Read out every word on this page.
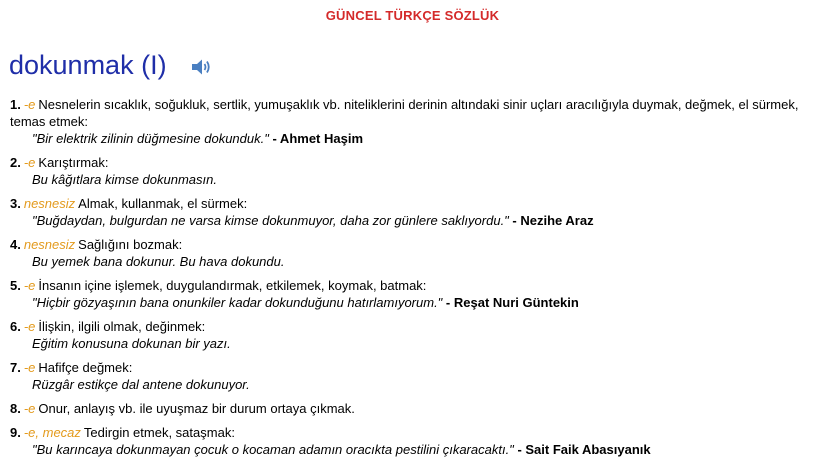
GÜNCEL TÜRKÇE SÖZLÜK
dokunmak (I)
1. -e Nesnelerin sıcaklık, soğukluk, sertlik, yumuşaklık vb. niteliklerini derinin altındaki sinir uçları aracılığıyla duymak, değmek, el sürmek, temas etmek:
"Bir elektrik zilinin düğmesine dokunduk." - Ahmet Haşim
2. -e Karıştırmak:
Bu kâğıtlara kimse dokunmasın.
3. nesnesiz Almak, kullanmak, el sürmek:
"Buğdaydan, bulgurdan ne varsa kimse dokunmuyor, daha zor günlere saklıyordu." - Nezihe Araz
4. nesnesiz Sağlığını bozmak:
Bu yemek bana dokunur. Bu hava dokundu.
5. -e İnsanın içine işlemek, duygulandırmak, etkilemek, koymak, batmak:
"Hiçbir gözyaşının bana onunkiler kadar dokunduğunu hatırlamıyorum." - Reşat Nuri Güntekin
6. -e İlişkin, ilgili olmak, değinmek:
Eğitim konusuna dokunan bir yazı.
7. -e Hafifçe değmek:
Rüzgâr estikçe dal antene dokunuyor.
8. -e Onur, anlayış vb. ile uyuşmaz bir durum ortaya çıkmak.
9. -e, mecaz Tedirgin etmek, sataşmak:
"Bu karıncaya dokunmayan çocuk o kocaman adamın oracıkta pestilini çıkaracaktı." - Sait Faik Abasıyanık
